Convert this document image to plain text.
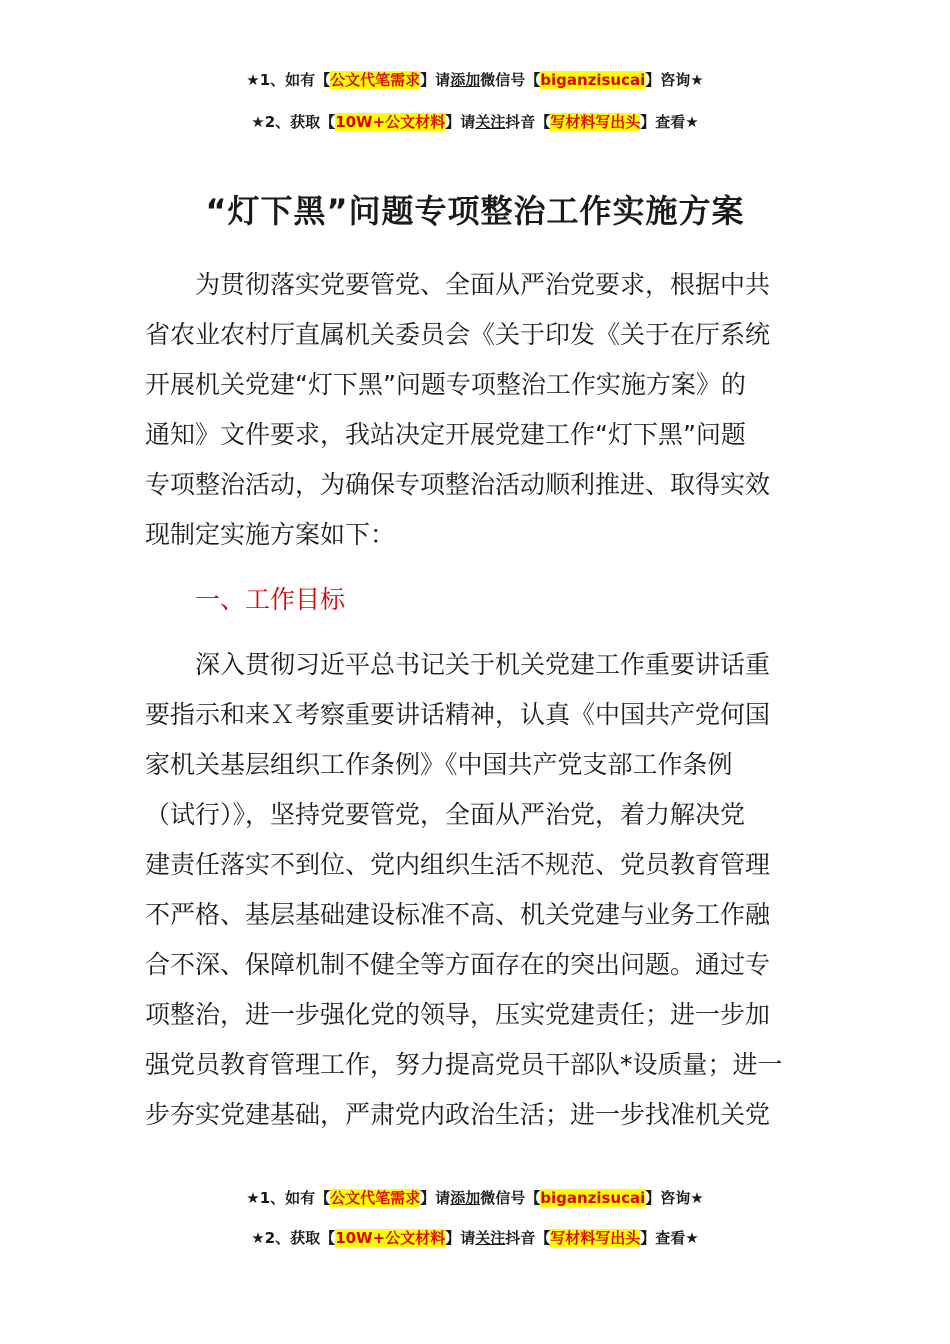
★1、如有【公文代笔需求】请添加微信号【biganzisucai】咨询★
★2、获取【10W+公文材料】请关注抖音【写材料写出头】查看★
“灯下黑”问题专项整治工作实施方案
为贯彻落实党要管党、全面从严治党要求，根据中共
省农业农村厅直属机关委员会《关于印发《关于在厅系统
开展机关党建“灯下黑”问题专项整治工作实施方案》的
通知》文件要求，我站决定开展党建工作“灯下黑”问题
专项整治活动，为确保专项整治活动顺利推进、取得实效
现制定实施方案如下：
一、工作目标
深入贯彻习近平总书记关于机关党建工作重要讲话重
要指示和来Ｘ考察重要讲话精神，认真《中国共产党何国
家机关基层组织工作条例》《中国共产党支部工作条例
（试行）》，坚持党要管党，全面从严治党，着力解决党
建责任落实不到位、党内组织生活不规范、党员教育管理
不严格、基层基础建设标准不高、机关党建与业务工作融
合不深、保障机制不健全等方面存在的突出问题。通过专
项整治，进一步强化党的领导，压实党建责任；进一步加
强党员教育管理工作，努力提高党员干部队*设质量；进一
步夯实党建基础，严肃党内政治生活；进一步找准机关党
★1、如有【公文代笔需求】请添加微信号【biganzisucai】咨询★
★2、获取【10W+公文材料】请关注抖音【写材料写出头】查看★
